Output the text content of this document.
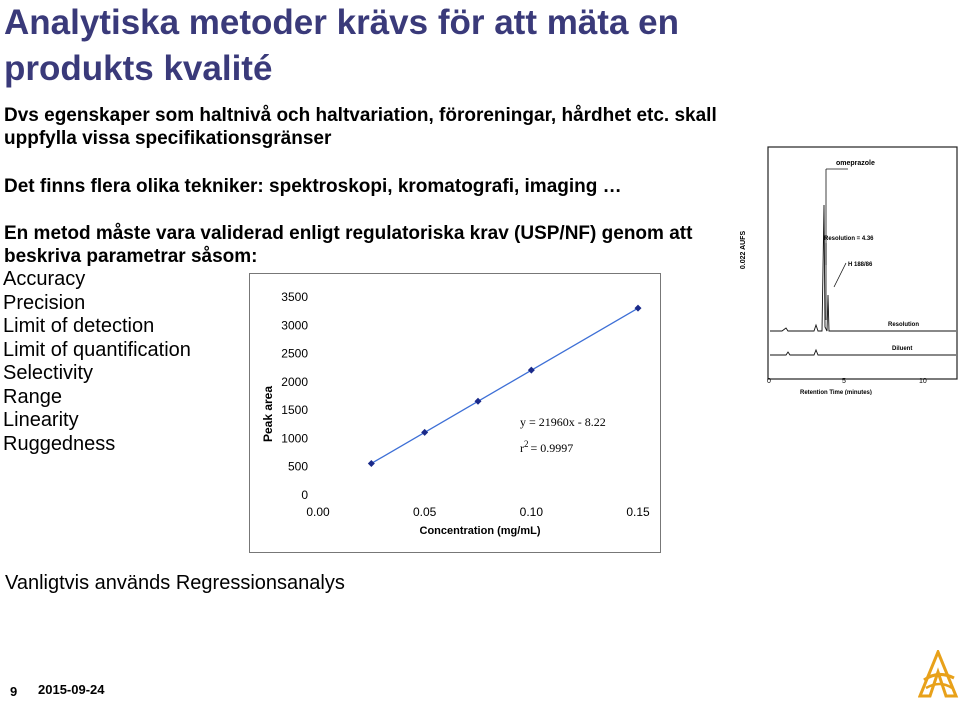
Analytiska metoder krävs för att mäta en produkts kvalité
Dvs egenskaper som haltnivå och haltvariation, föroreningar, hårdhet etc. skall uppfylla vissa specifikationsgränser
Det finns flera olika tekniker: spektroskopi, kromatografi, imaging …
En metod måste vara validerad enligt regulatoriska krav (USP/NF) genom att beskriva parametrar såsom:
Accuracy
Precision
Limit of detection
Limit of quantification
Selectivity
Range
Linearity
Ruggedness
Peak area
Concentration (mg/mL)
y = 21960x - 8.22
$r^2 = 0.9997$
0
500
1000
1500
2000
2500
3000
3500
0.00	0.05	0.10	0.15
0.022 AUFS
omeprazole
Resolution = 4.36
H 188/86
Resolution
Diluent
0	5	10
Retention Time (minutes)
Vanligtvis används Regressionsanalys
9 2015-09-24
